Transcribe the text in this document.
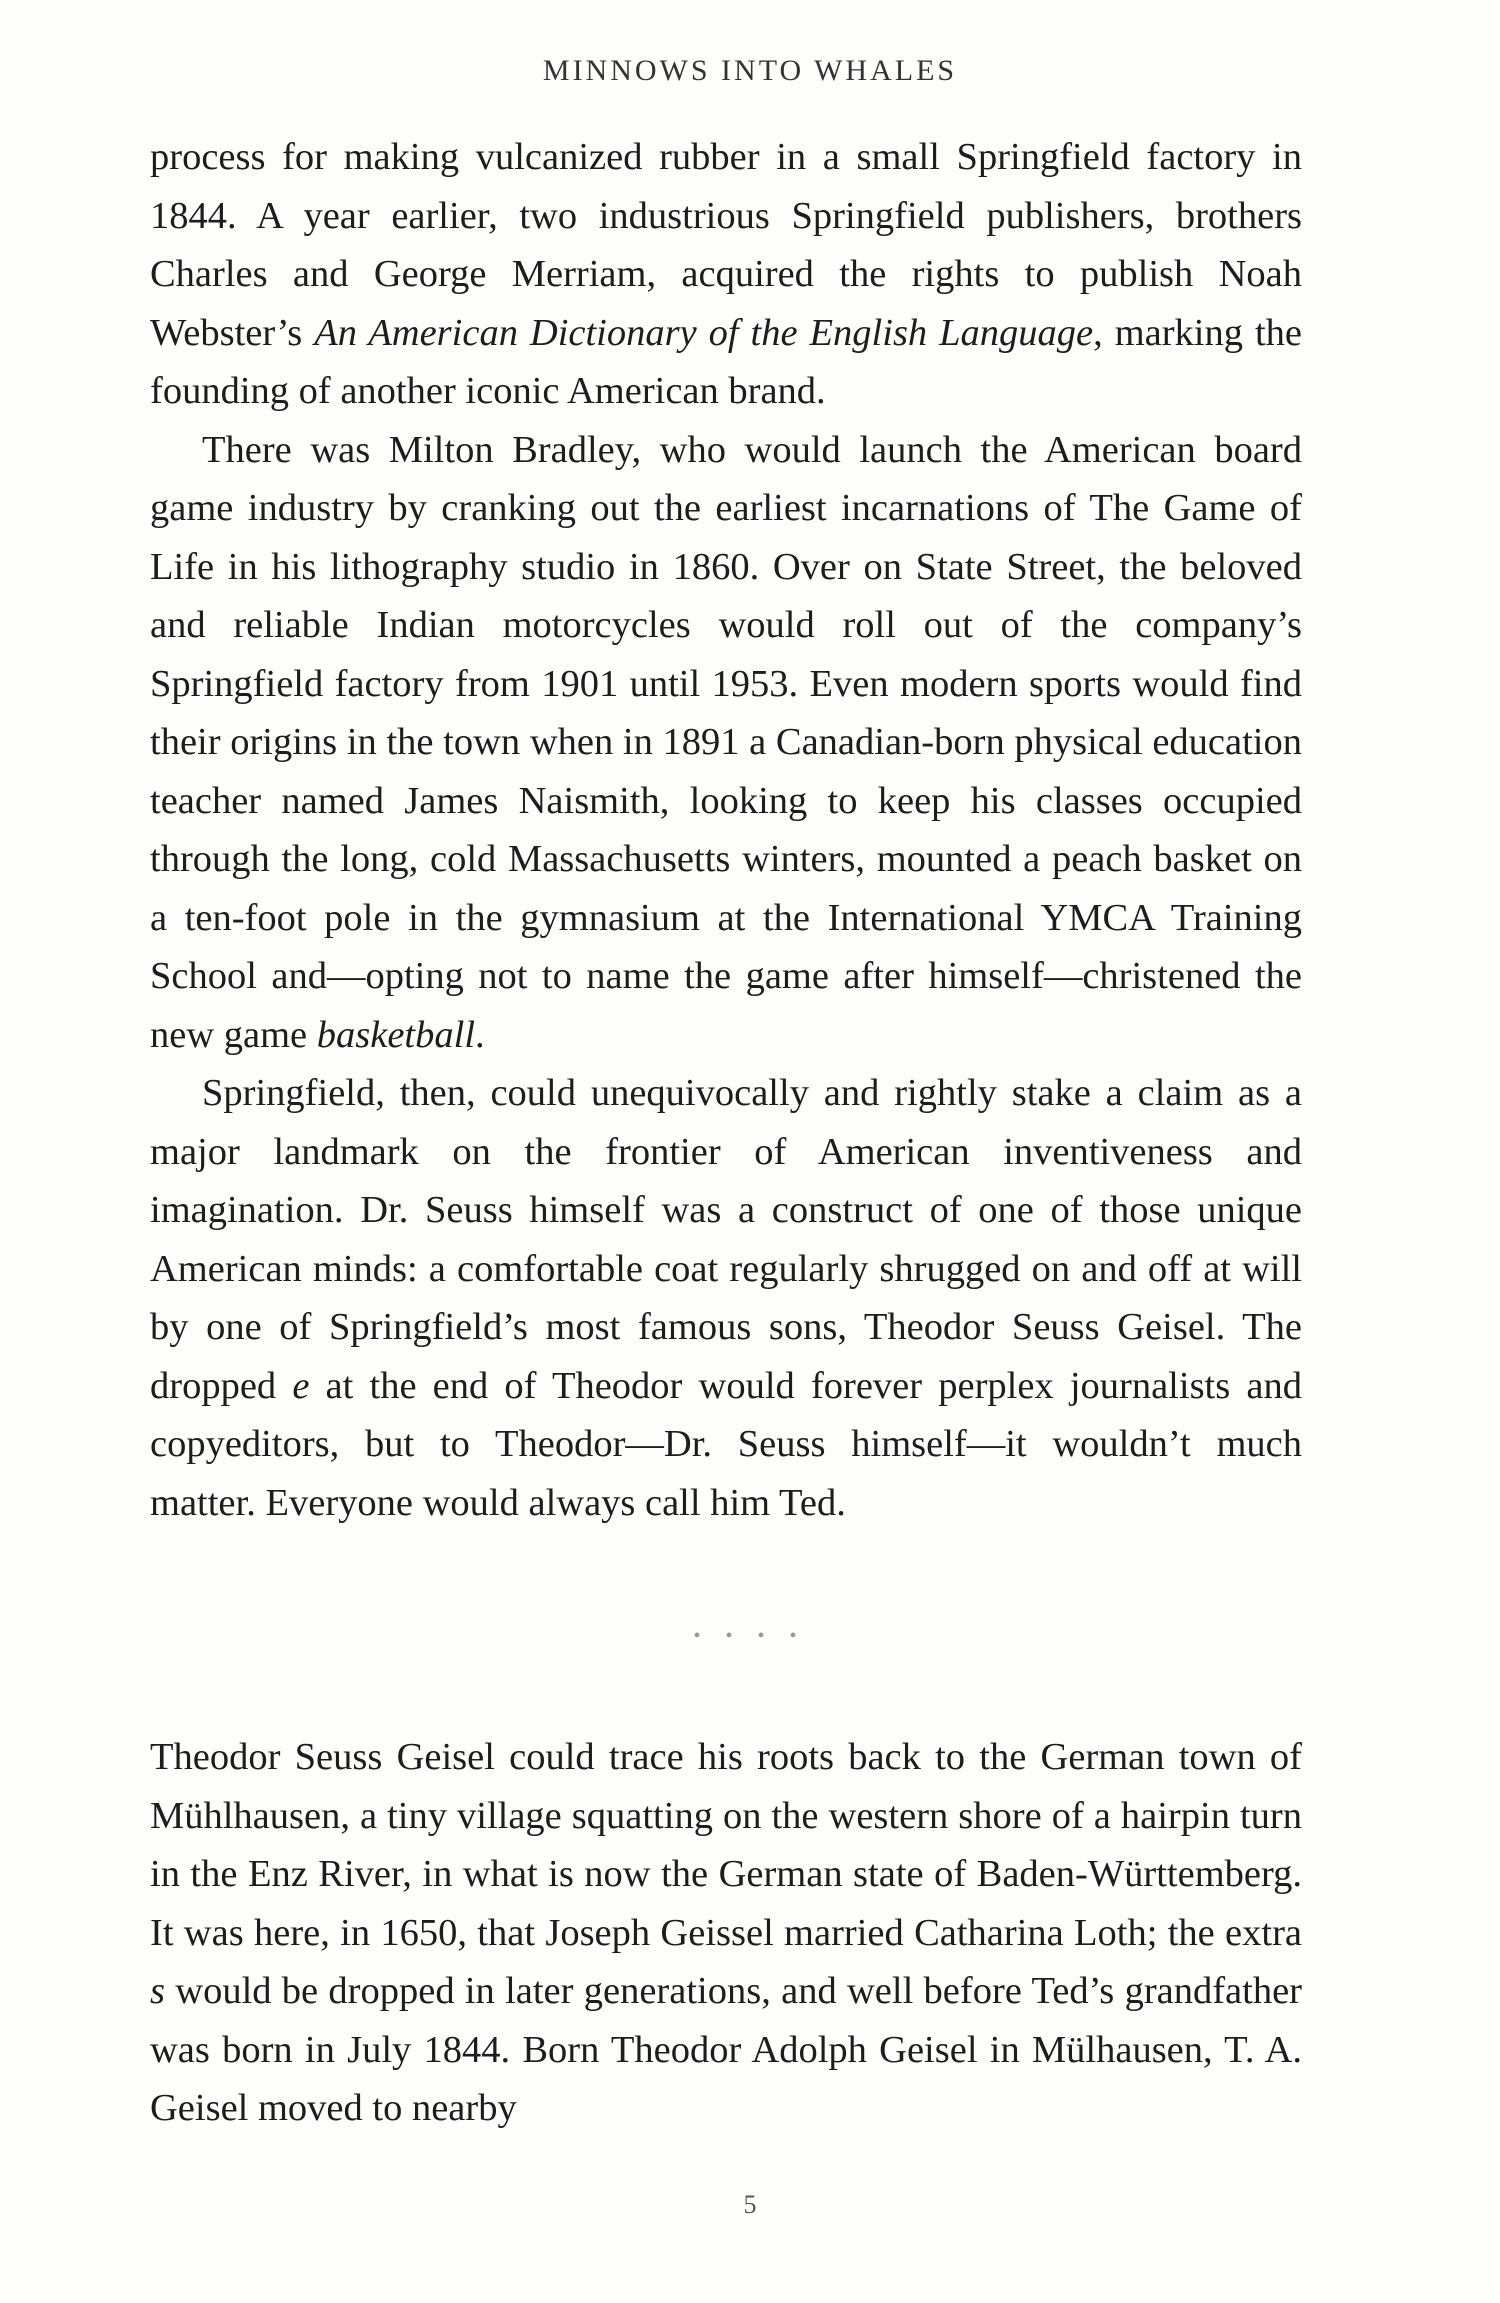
MINNOWS INTO WHALES

process for making vulcanized rubber in a small Springfield factory in 1844. A year earlier, two industrious Springfield publishers, brothers Charles and George Merriam, acquired the rights to publish Noah Webster’s An American Dictionary of the English Language, marking the founding of another iconic American brand.

There was Milton Bradley, who would launch the American board game industry by cranking out the earliest incarnations of The Game of Life in his lithography studio in 1860. Over on State Street, the beloved and reliable Indian motorcycles would roll out of the company’s Springfield factory from 1901 until 1953. Even modern sports would find their origins in the town when in 1891 a Canadian-born physical education teacher named James Naismith, looking to keep his classes occupied through the long, cold Massachusetts winters, mounted a peach basket on a ten-foot pole in the gymnasium at the International YMCA Training School and—opting not to name the game after himself—christened the new game basketball.

Springfield, then, could unequivocally and rightly stake a claim as a major landmark on the frontier of American inventiveness and imagination. Dr. Seuss himself was a construct of one of those unique American minds: a comfortable coat regularly shrugged on and off at will by one of Springfield’s most famous sons, Theodor Seuss Geisel. The dropped e at the end of Theodor would forever perplex journalists and copyeditors, but to Theodor—Dr. Seuss himself—it wouldn’t much matter. Everyone would always call him Ted.

• • • •

Theodor Seuss Geisel could trace his roots back to the German town of Mühlhausen, a tiny village squatting on the western shore of a hairpin turn in the Enz River, in what is now the German state of Baden-Württemberg. It was here, in 1650, that Joseph Geissel married Catharina Loth; the extra s would be dropped in later generations, and well before Ted’s grandfather was born in July 1844. Born Theodor Adolph Geisel in Mülhausen, T. A. Geisel moved to nearby

5
